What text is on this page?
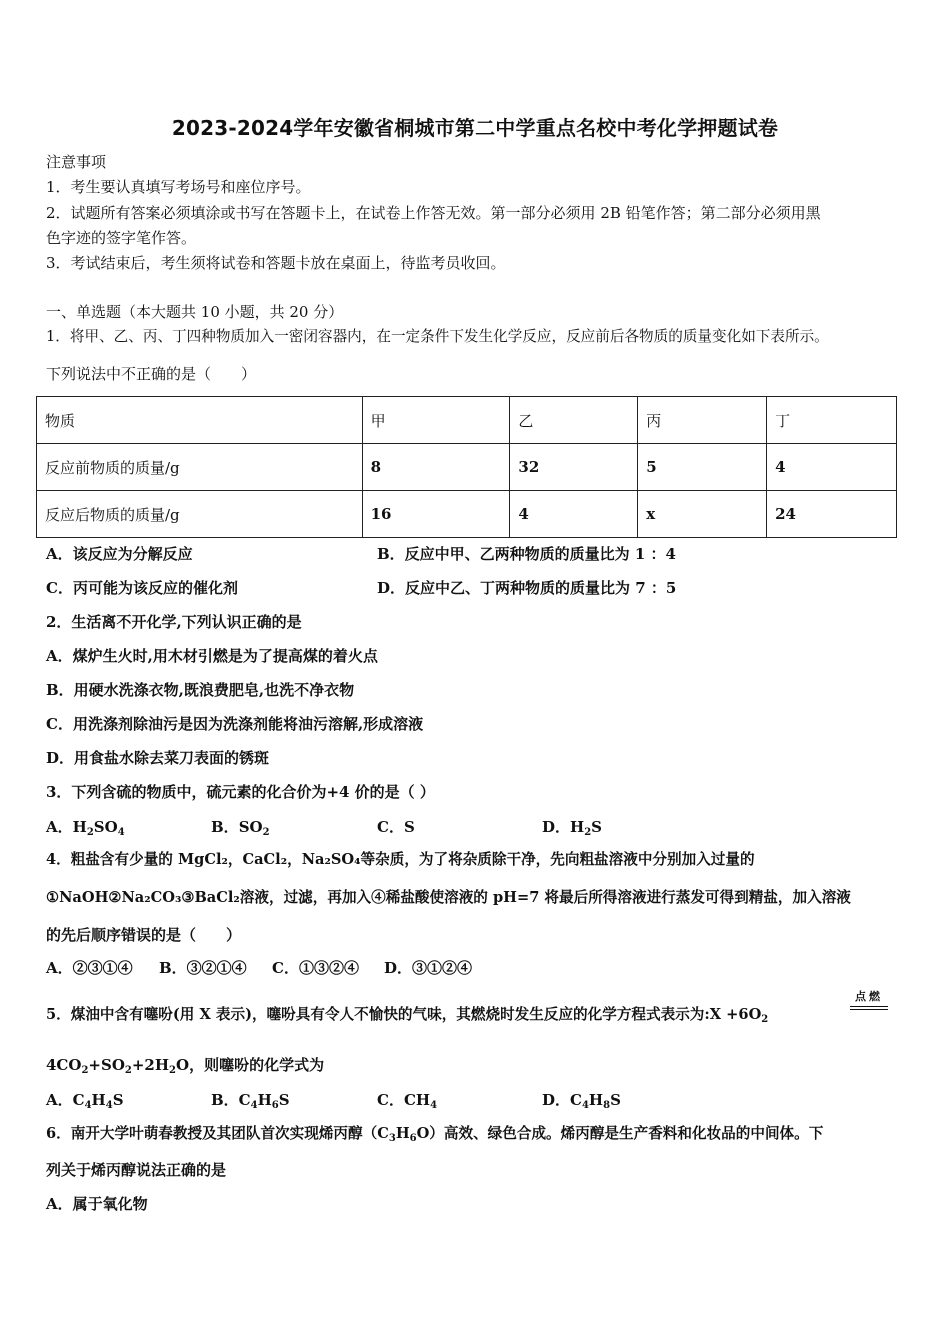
2023-2024学年安徽省桐城市第二中学重点名校中考化学押题试卷
注意事项
1．考生要认真填写考场号和座位序号。
2．试题所有答案必须填涂或书写在答题卡上，在试卷上作答无效。第一部分必须用 2B 铅笔作答；第二部分必须用黑
色字迹的签字笔作答。
3．考试结束后，考生须将试卷和答题卡放在桌面上，待监考员收回。
一、单选题（本大题共 10 小题，共 20 分）
1．将甲、乙、丙、丁四种物质加入一密闭容器内，在一定条件下发生化学反应，反应前后各物质的质量变化如下表所示。
下列说法中不正确的是（　　）
物质	甲	乙	丙	丁
反应前物质的质量/g	8	32	5	4
反应后物质的质量/g	16	4	x	24
A．该反应为分解反应	B．反应中甲、乙两种物质的质量比为 1 ：4
C．丙可能为该反应的催化剂	D．反应中乙、丁两种物质的质量比为 7 ：5
2．生活离不开化学,下列认识正确的是
A．煤炉生火时,用木材引燃是为了提高煤的着火点
B．用硬水洗涤衣物,既浪费肥皂,也洗不净衣物
C．用洗涤剂除油污是因为洗涤剂能将油污溶解,形成溶液
D．用食盐水除去菜刀表面的锈斑
3．下列含硫的物质中，硫元素的化合价为+4 价的是（ ）
A．$H_2SO_4$	B．$SO_2$	C．S	D．$H_2S$
4．粗盐含有少量的 MgCl₂，CaCl₂，Na₂SO₄等杂质，为了将杂质除干净，先向粗盐溶液中分别加入过量的
①NaOH②Na₂CO₃③BaCl₂溶液，过滤，再加入④稀盐酸使溶液的 pH=7 将最后所得溶液进行蒸发可得到精盐，加入溶液
的先后顺序错误的是（　　）
A．②③①④ B．③②①④ C．①③②④ D．③①②④
5．煤油中含有噻吩(用 X 表示)，噻吩具有令人不愉快的气味，其燃烧时发生反应的化学方程式表示为:X $+6O_2$
点燃
$4CO_2+SO_2+2H_2O$，则噻吩的化学式为
A．$C_4H_4S$	B．$C_4H_6S$	C．$CH_4$	D．$C_4H_8S$
6．南开大学叶萌春教授及其团队首次实现烯丙醇$(C_3H_6O)$高效、绿色合成。烯丙醇是生产香料和化妆品的中间体。下
列关于烯丙醇说法正确的是
A．属于氧化物
